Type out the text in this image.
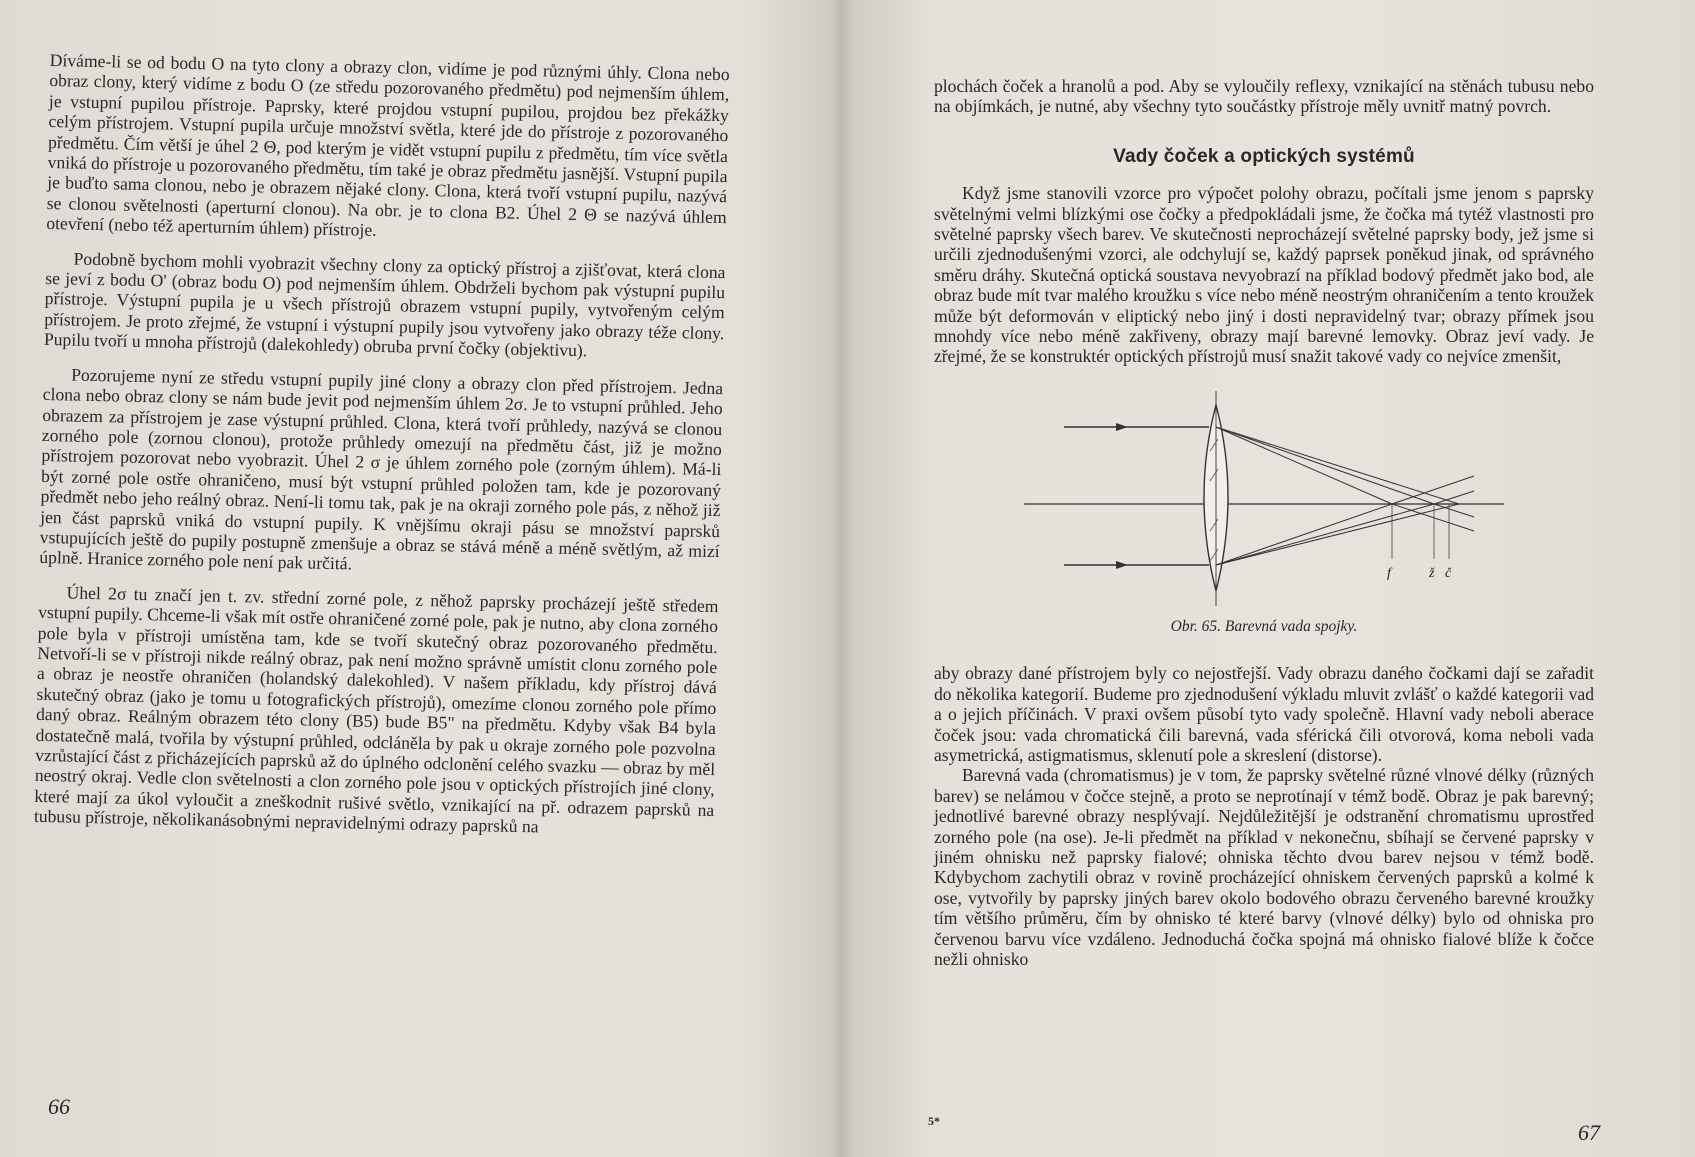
Díváme-li se od bodu O na tyto clony a obrazy clon, vidíme je pod různými úhly. Clona nebo obraz clony, který vidíme z bodu O (ze středu pozorovaného předmětu) pod nejmenším úhlem, je vstupní pupilou přístroje. Paprsky, které projdou vstupní pupilou, projdou bez překážky celým přístrojem. Vstupní pupila určuje množství světla, které jde do přístroje z pozorovaného předmětu. Čím větší je úhel 2 Θ, pod kterým je vidět vstupní pupilu z předmětu, tím více světla vniká do přístroje u pozorovaného předmětu, tím také je obraz předmětu jasnější. Vstupní pupila je buďto sama clonou, nebo je obrazem nějaké clony. Clona, která tvoří vstupní pupilu, nazývá se clonou světelnosti (aperturní clonou). Na obr. je to clona B2. Úhel 2 Θ se nazývá úhlem otevření (nebo též aperturním úhlem) přístroje.

Podobně bychom mohli vyobrazit všechny clony za optický přístroj a zjišťovat, která clona se jeví z bodu O' (obraz bodu O) pod nejmenším úhlem. Obdrželi bychom pak výstupní pupilu přístroje. Výstupní pupila je u všech přístrojů obrazem vstupní pupily, vytvořeným celým přístrojem. Je proto zřejmé, že vstupní i výstupní pupily jsou vytvořeny jako obrazy téže clony. Pupilu tvoří u mnoha přístrojů (dalekohledy) obruba první čočky (objektivu).

Pozorujeme nyní ze středu vstupní pupily jiné clony a obrazy clon před přístrojem. Jedna clona nebo obraz clony se nám bude jevit pod nejmenším úhlem 2σ. Je to vstupní průhled. Jeho obrazem za přístrojem je zase výstupní průhled. Clona, která tvoří průhledy, nazývá se clonou zorného pole (zornou clonou), protože průhledy omezují na předmětu část, již je možno přístrojem pozorovat nebo vyobrazit. Úhel 2 σ je úhlem zorného pole (zorným úhlem). Má-li být zorné pole ostře ohraničeno, musí být vstupní průhled položen tam, kde je pozorovaný předmět nebo jeho reálný obraz. Není-li tomu tak, pak je na okraji zorného pole pás, z něhož již jen část paprsků vniká do vstupní pupily. K vnějšímu okraji pásu se množství paprsků vstupujících ještě do pupily postupně zmenšuje a obraz se stává méně a méně světlým, až mizí úplně. Hranice zorného pole není pak určitá.

Úhel 2σ tu značí jen t. zv. střední zorné pole, z něhož paprsky procházejí ještě středem vstupní pupily. Chceme-li však mít ostře ohraničené zorné pole, pak je nutno, aby clona zorného pole byla v přístroji umístěna tam, kde se tvoří skutečný obraz pozorovaného předmětu. Netvoří-li se v přístroji nikde reálný obraz, pak není možno správně umístit clonu zorného pole a obraz je neostře ohraničen (holandský dalekohled). V našem příkladu, kdy přístroj dává skutečný obraz (jako je tomu u fotografických přístrojů), omezíme clonou zorného pole přímo daný obraz. Reálným obrazem této clony (B5) bude B5" na předmětu. Kdyby však B4 byla dostatečně malá, tvořila by výstupní průhled, odcláněla by pak u okraje zorného pole pozvolna vzrůstající část z přicházejících paprsků až do úplného odclonění celého svazku — obraz by měl neostrý okraj. Vedle clon světelnosti a clon zorného pole jsou v optických přístrojích jiné clony, které mají za úkol vyloučit a zneškodnit rušivé světlo, vznikající na př. odrazem paprsků na tubusu přístroje, několikanásobnými nepravidelnými odrazy paprsků na

66

plochách čoček a hranolů a pod. Aby se vyloučily reflexy, vznikající na stěnách tubusu nebo na objímkách, je nutné, aby všechny tyto součástky přístroje měly uvnitř matný povrch.

Vady čoček a optických systémů

Když jsme stanovili vzorce pro výpočet polohy obrazu, počítali jsme jenom s paprsky světelnými velmi blízkými ose čočky a předpokládali jsme, že čočka má tytéž vlastnosti pro světelné paprsky všech barev. Ve skutečnosti neprocházejí světelné paprsky body, jež jsme si určili zjednodušenými vzorci, ale odchylují se, každý paprsek poněkud jinak, od správného směru dráhy. Skutečná optická soustava nevyobrazí na příklad bodový předmět jako bod, ale obraz bude mít tvar malého kroužku s více nebo méně neostrým ohraničením a tento kroužek může být deformován v eliptický nebo jiný i dosti nepravidelný tvar; obrazy přímek jsou mnohdy více nebo méně zakřiveny, obrazy mají barevné lemovky. Obraz jeví vady. Je zřejmé, že se konstruktér optických přístrojů musí snažit takové vady co nejvíce zmenšit,

f	ž č
Obr. 65. Barevná vada spojky.

aby obrazy dané přístrojem byly co nejostřejší. Vady obrazu daného čočkami dají se zařadit do několika kategorií. Budeme pro zjednodušení výkladu mluvit zvlášť o každé kategorii vad a o jejich příčinách. V praxi ovšem působí tyto vady společně. Hlavní vady neboli aberace čoček jsou: vada chromatická čili barevná, vada sférická čili otvorová, koma neboli vada asymetrická, astigmatismus, sklenutí pole a skreslení (distorse).

Barevná vada (chromatismus) je v tom, že paprsky světelné různé vlnové délky (různých barev) se nelámou v čočce stejně, a proto se neprotínají v témž bodě. Obraz je pak barevný; jednotlivé barevné obrazy nesplývají. Nejdůležitější je odstranění chromatismu uprostřed zorného pole (na ose). Je-li předmět na příklad v nekonečnu, sbíhají se červené paprsky v jiném ohnisku než paprsky fialové; ohniska těchto dvou barev nejsou v témž bodě. Kdybychom zachytili obraz v rovině procházející ohniskem červených paprsků a kolmé k ose, vytvořily by paprsky jiných barev okolo bodového obrazu červeného barevné kroužky tím většího průměru, čím by ohnisko té které barvy (vlnové délky) bylo od ohniska pro červenou barvu více vzdáleno. Jednoduchá čočka spojná má ohnisko fialové blíže k čočce nežli ohnisko

5*	67
